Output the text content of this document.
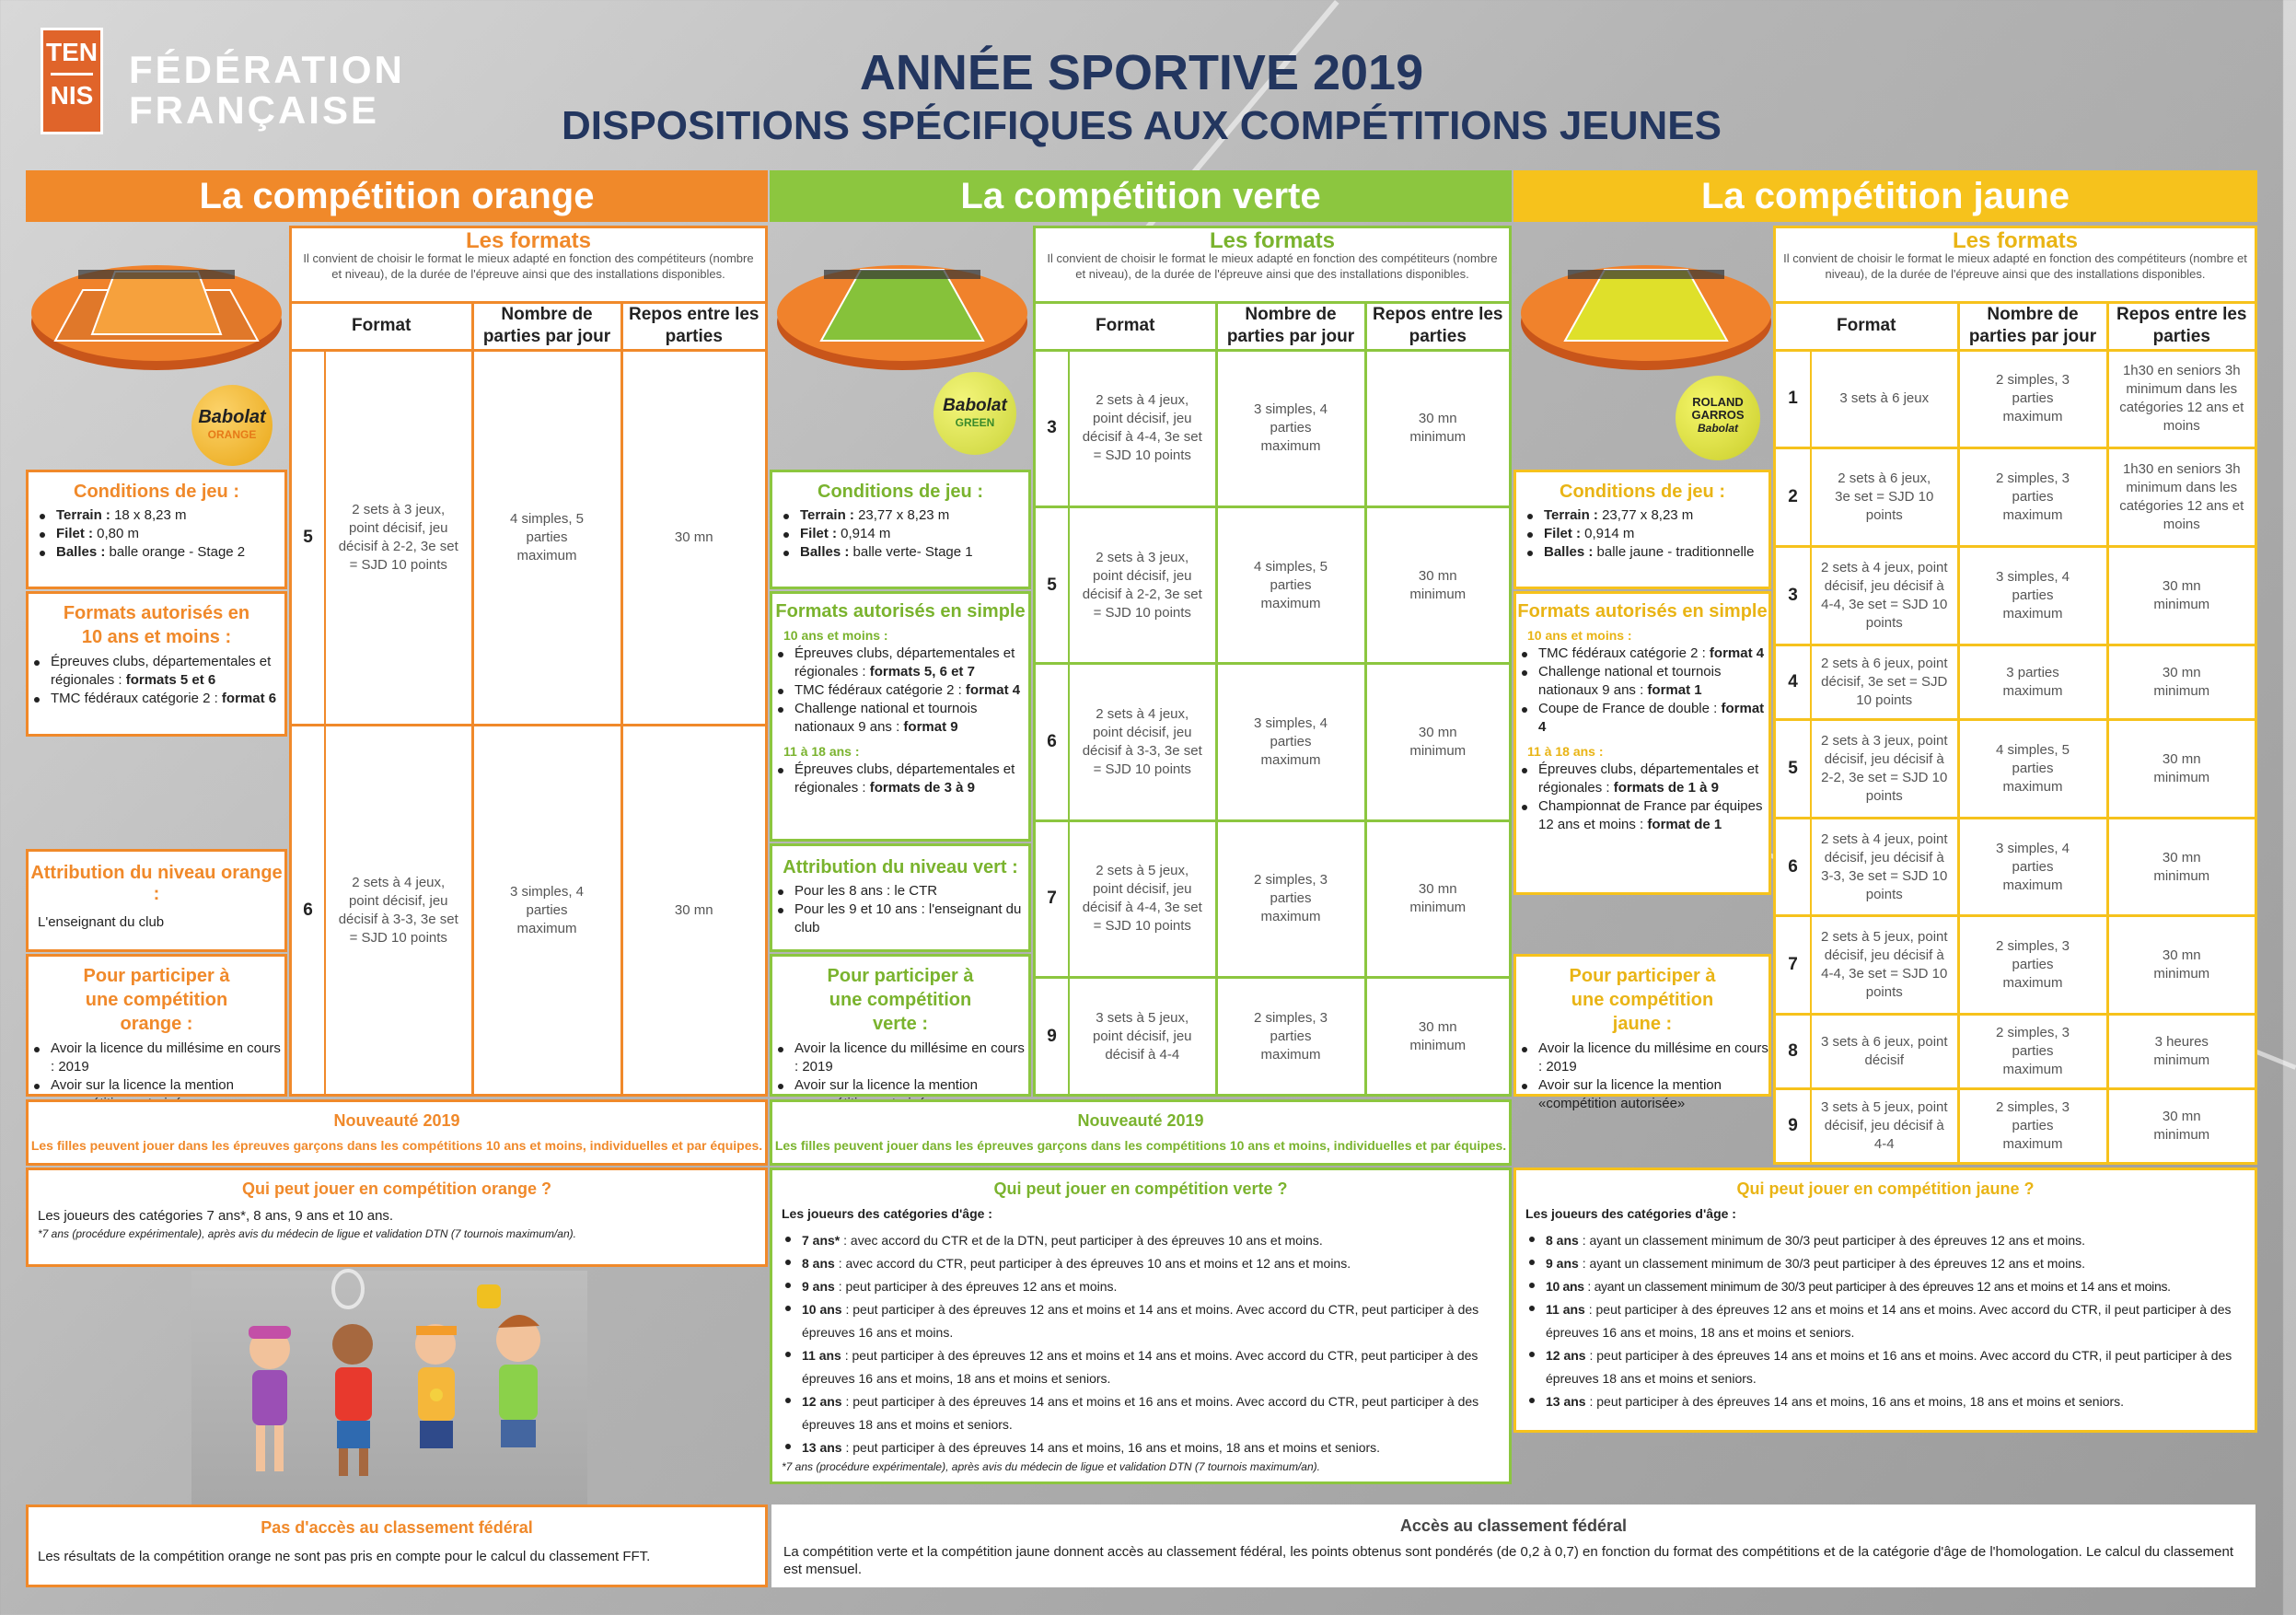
TEN
NIS
FÉDÉRATION
FRANÇAISE
ANNÉE SPORTIVE 2019
DISPOSITIONS SPÉCIFIQUES AUX COMPÉTITIONS JEUNES
La compétition orange	La compétition verte	La compétition jaune
Babolat
ORANGE
Les formats
Il convient de choisir le format le mieux adapté en fonction des compétiteurs (nombre et niveau), de la durée de l'épreuve ainsi que des installations disponibles.			

Format		Nombre de parties par jour	Repos entre les parties
5	2 sets à 3 jeux, point décisif, jeu décisif à 2-2, 3e set = SJD 10 points	4 simples, 5 parties maximum	30 mn
6	2 sets à 4 jeux, point décisif, jeu décisif à 3-3, 3e set = SJD 10 points	3 simples, 4 parties maximum	30 mn
Conditions de jeu :
Terrain : 18 x 8,23 m
Filet : 0,80 m
Balles : balle orange - Stage 2
Formats autorisés en 10 ans et moins :
Épreuves clubs, départementales et régionales : formats 5 et 6
TMC fédéraux catégorie 2 : format 6
Attribution du niveau orange :
L'enseignant du club
Pour participer à une compétition orange :
Avoir la licence du millésime en cours : 2019
Avoir sur la licence la mention
Nouveauté 2019
Les filles peuvent jouer dans les épreuves garçons dans les compétitions 10 ans et moins, individuelles et par équipes.
Qui peut jouer en compétition orange ?
Les joueurs des catégories 7 ans*, 8 ans, 9 ans et 10 ans.
*7 ans (procédure expérimentale), après avis du médecin de ligue et validation DTN (7 tournois maximum/an).
Pas d'accès au classement fédéral
Les résultats de la compétition orange ne sont pas pris en compte pour le calcul du classement FFT.
Babolat
GREEN
Les formats
Il convient de choisir le format le mieux adapté en fonction des compétiteurs (nombre et niveau), de la durée de l'épreuve ainsi que des installations disponibles.			

Format		Nombre de parties par jour	Repos entre les parties
3	2 sets à 4 jeux, point décisif, jeu décisif à 4-4, 3e set = SJD 10 points	3 simples, 4 parties maximum	30 mn minimum
5	2 sets à 3 jeux, point décisif, jeu décisif à 2-2, 3e set = SJD 10 points	4 simples, 5 parties maximum	30 mn minimum
6	2 sets à 4 jeux, point décisif, jeu décisif à 3-3, 3e set = SJD 10 points	3 simples, 4 parties maximum	30 mn minimum
7	2 sets à 5 jeux, point décisif, jeu décisif à 4-4, 3e set = SJD 10 points	2 simples, 3 parties maximum	30 mn minimum
9	3 sets à 5 jeux, point décisif, jeu décisif à 4-4	2 simples, 3 parties maximum	30 mn minimum
Conditions de jeu :
Terrain : 23,77 x 8,23 m
Filet : 0,914 m
Balles : balle verte- Stage 1
Formats autorisés en simple
10 ans et moins :
Épreuves clubs, départementales et régionales : formats 5, 6 et 7
TMC fédéraux catégorie 2 : format 4
Challenge national et tournois nationaux 9 ans : format 9
11 à 18 ans :
Épreuves clubs, départementales et régionales : formats de 3 à 9
Attribution du niveau vert :
Pour les 8 ans : le CTR
Pour les 9 et 10 ans : l'enseignant du club
Pour participer à une compétition verte :
Avoir la licence du millésime en cours : 2019
Avoir sur la licence la mention
Nouveauté 2019
Les filles peuvent jouer dans les épreuves garçons dans les compétitions 10 ans et moins, individuelles et par équipes.
Qui peut jouer en compétition verte ?
Les joueurs des catégories d'âge :
7 ans* : avec accord du CTR et de la DTN, peut participer à des épreuves 10 ans et moins.
8 ans : avec accord du CTR, peut participer à des épreuves 10 ans et moins et 12 ans et moins.
9 ans : peut participer à des épreuves 12 ans et moins.
10 ans : peut participer à des épreuves 12 ans et moins et 14 ans et moins. Avec accord du CTR, peut participer à des épreuves 16 ans et moins.
11 ans : peut participer à des épreuves 12 ans et moins et 14 ans et moins. Avec accord du CTR, peut participer à des épreuves 16 ans et moins, 18 ans et moins et seniors.
12 ans : peut participer à des épreuves 14 ans et moins et 16 ans et moins. Avec accord du CTR, peut participer à des épreuves 18 ans et moins et seniors.
13 ans : peut participer à des épreuves 14 ans et moins, 16 ans et moins, 18 ans et moins et seniors.
*7 ans (procédure expérimentale), après avis du médecin de ligue et validation DTN (7 tournois maximum/an).
Accès au classement fédéral
La compétition verte et la compétition jaune donnent accès au classement fédéral, les points obtenus sont pondérés (de 0,2 à 0,7) en fonction du format des compétitions et de la catégorie d'âge de l'homologation. Le calcul du classement est mensuel.
ROLAND GARROS
Babolat
Les formats
Il convient de choisir le format le mieux adapté en fonction des compétiteurs (nombre et niveau), de la durée de l'épreuve ainsi que des installations disponibles.			

Format		Nombre de parties par jour	Repos entre les parties
1	3 sets à 6 jeux	2 simples, 3 parties maximum	1h30 en seniors 3h minimum dans les catégories 12 ans et moins
2	2 sets à 6 jeux, 3e set = SJD 10 points	2 simples, 3 parties maximum	1h30 en seniors 3h minimum dans les catégories 12 ans et moins
3	2 sets à 4 jeux, point décisif, jeu décisif à 4-4, 3e set = SJD 10 points	3 simples, 4 parties maximum	30 mn minimum
4	2 sets à 6 jeux, point décisif, 3e set = SJD 10 points	3 parties maximum	30 mn minimum
5	2 sets à 3 jeux, point décisif, jeu décisif à 2-2, 3e set = SJD 10 points	4 simples, 5 parties maximum	30 mn minimum
6	2 sets à 4 jeux, point décisif, jeu décisif à 3-3, 3e set = SJD 10 points	3 simples, 4 parties maximum	30 mn minimum
7	2 sets à 5 jeux, point décisif, jeu décisif à 4-4, 3e set = SJD 10 points	2 simples, 3 parties maximum	30 mn minimum
8	3 sets à 6 jeux, point décisif	2 simples, 3 parties maximum	3 heures minimum
9	3 sets à 5 jeux, point décisif, jeu décisif à 4-4	2 simples, 3 parties maximum	30 mn minimum
Conditions de jeu :
Terrain : 23,77 x 8,23 m
Filet : 0,914 m
Balles : balle jaune - traditionnelle
Formats autorisés en simple
10 ans et moins :
TMC fédéraux catégorie 2 : format 4
Challenge national et tournois nationaux 9 ans : format 1
Coupe de France de double : format 4
11 à 18 ans :
Épreuves clubs, départementales et régionales : formats de 1 à 9
Championnat de France par équipes 12 ans et moins : format de 1
Pour participer à une compétition jaune :
Avoir la licence du millésime en cours : 2019
Avoir sur la licence la mention «compétition autorisée»
Qui peut jouer en compétition jaune ?
Les joueurs des catégories d'âge :
8 ans : ayant un classement minimum de 30/3 peut participer à des épreuves 12 ans et moins.
9 ans : ayant un classement minimum de 30/3 peut participer à des épreuves 12 ans et moins.
10 ans : ayant un classement minimum de 30/3 peut participer à des épreuves 12 ans et moins et 14 ans et moins.
11 ans : peut participer à des épreuves 12 ans et moins et 14 ans et moins. Avec accord du CTR, il peut participer à des épreuves 16 ans et moins, 18 ans et moins et seniors.
12 ans : peut participer à des épreuves 14 ans et moins et 16 ans et moins. Avec accord du CTR, il peut participer à des épreuves 18 ans et moins et seniors.
13 ans : peut participer à des épreuves 14 ans et moins, 16 ans et moins, 18 ans et moins et seniors.
